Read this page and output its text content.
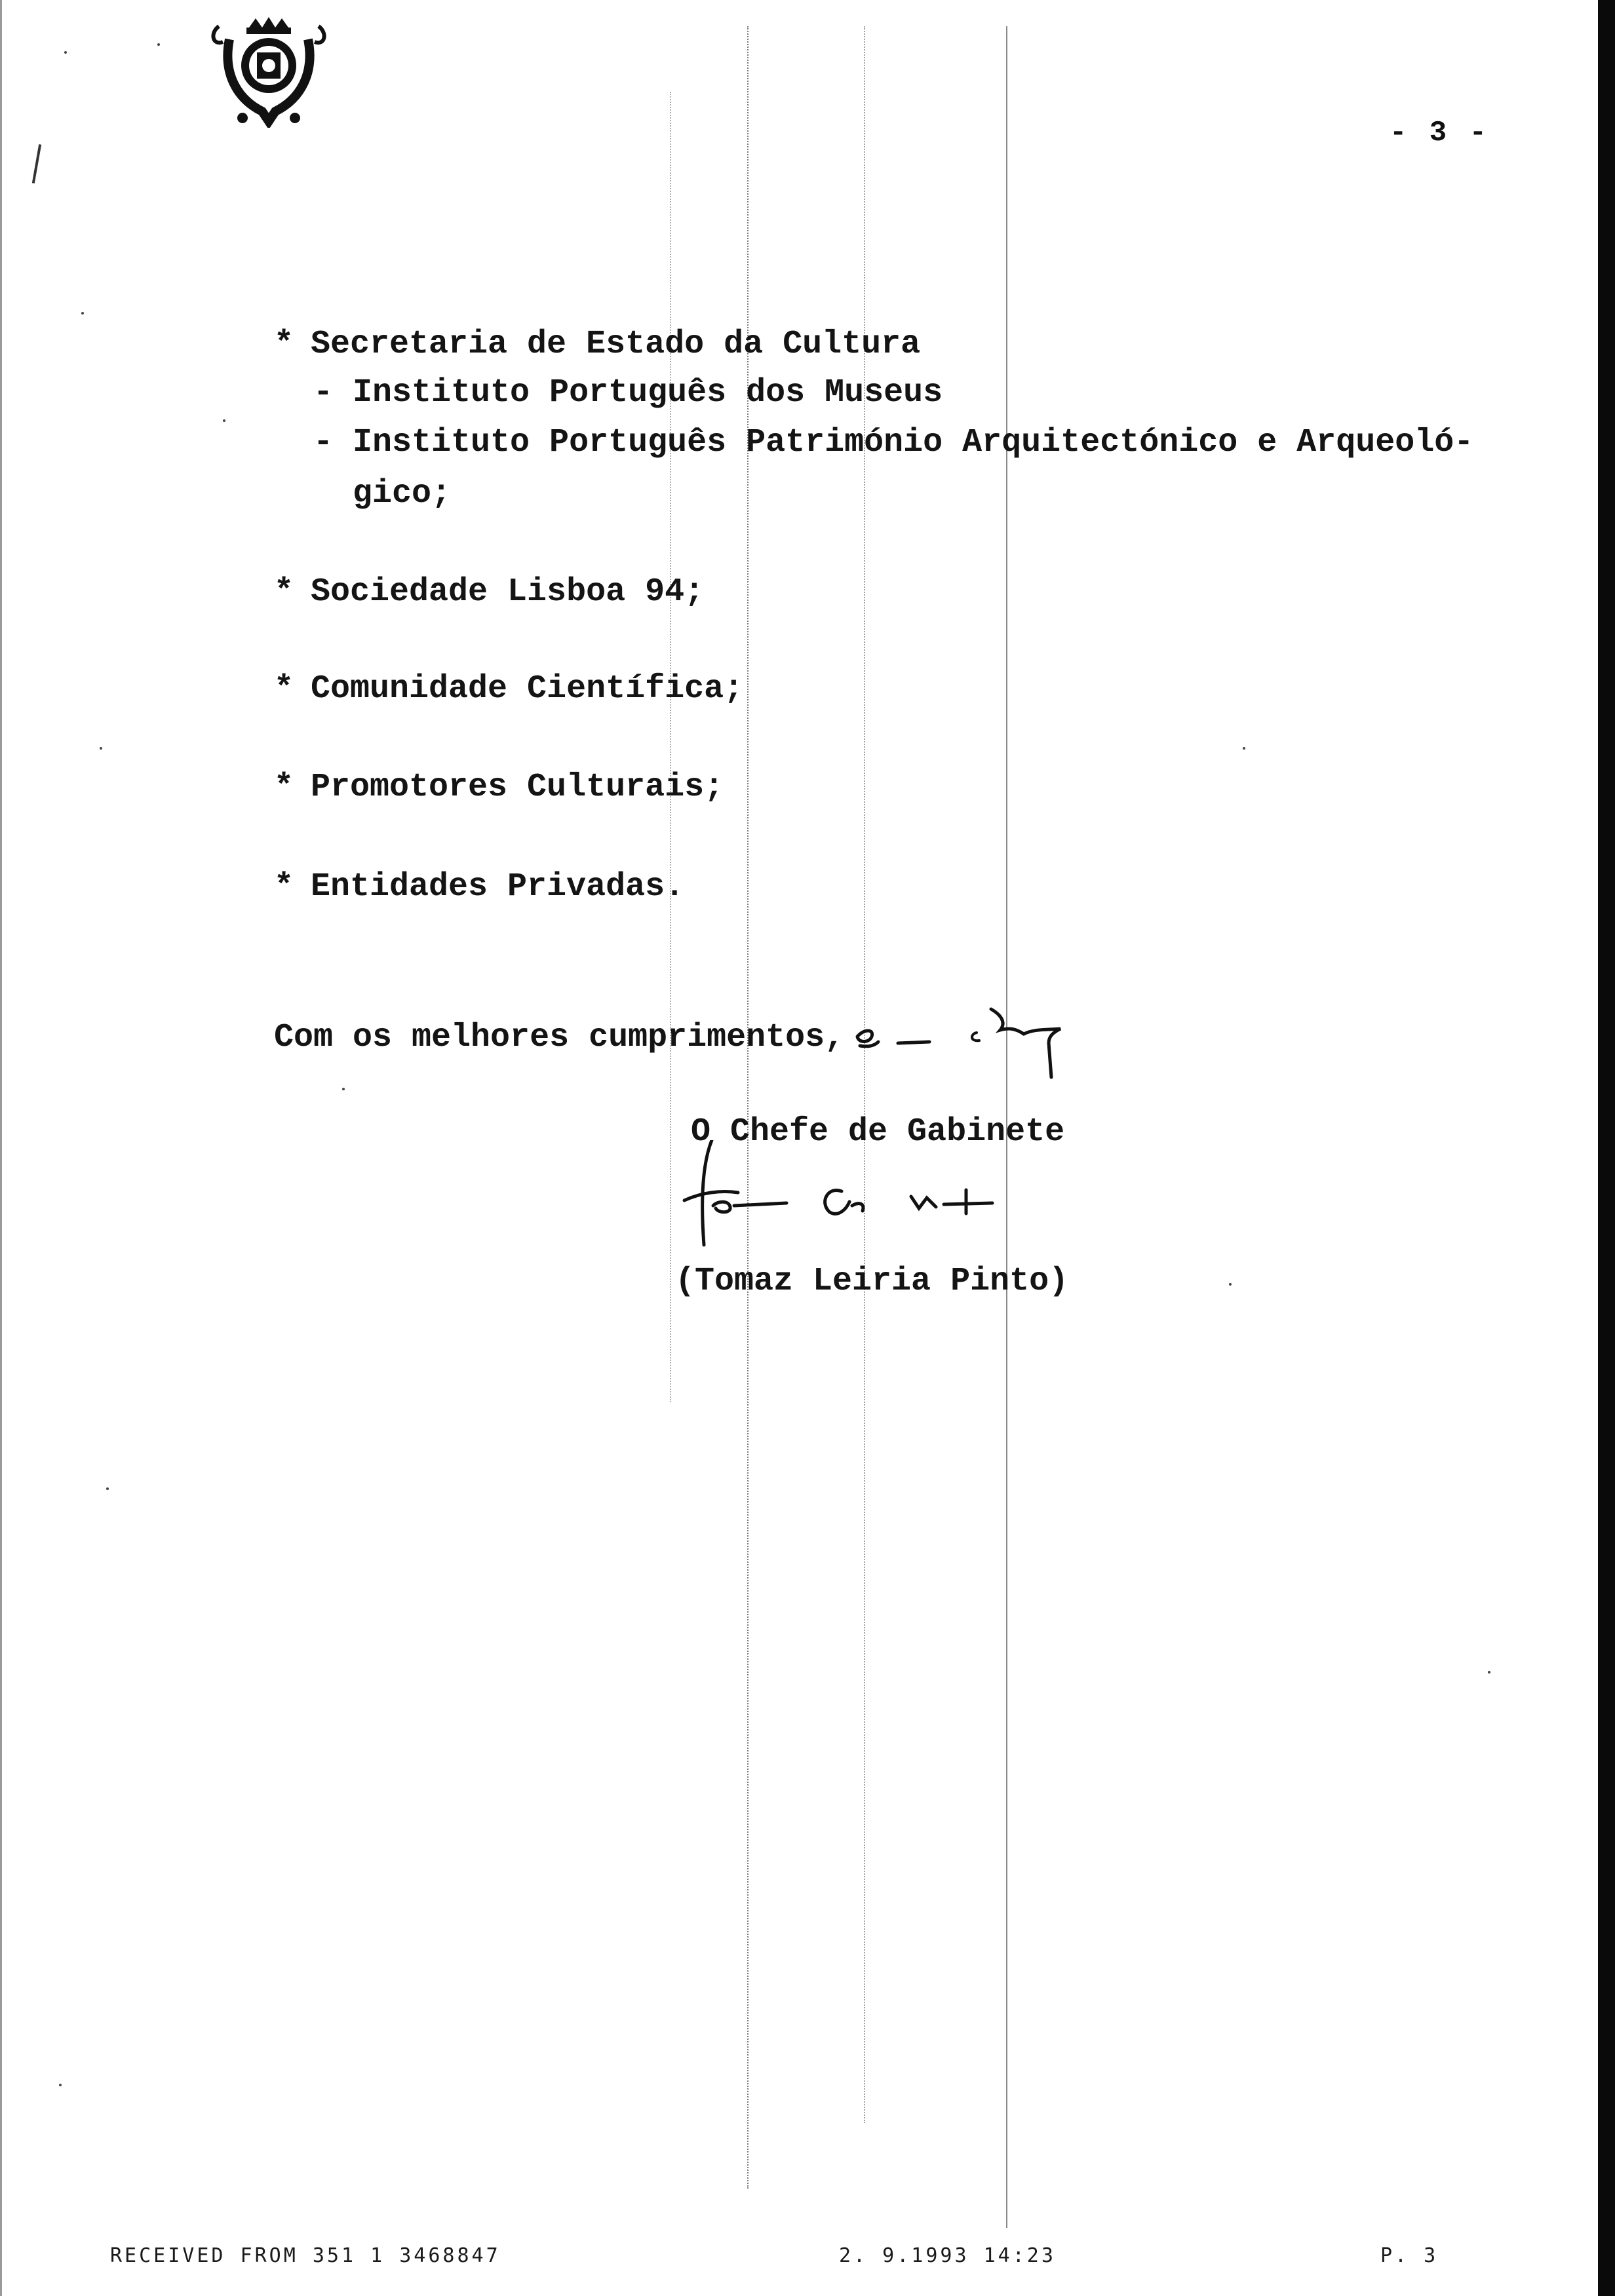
- 3 -
* Secretaria de Estado da Cultura
- Instituto Português dos Museus
- Instituto Português Património Arquitectónico e Arqueoló-
gico;
* Sociedade Lisboa 94;
* Comunidade Científica;
* Promotores Culturais;
* Entidades Privadas.
Com os melhores cumprimentos,
O Chefe de Gabinete
(Tomaz Leiria Pinto)
RECEIVED FROM 351 1 3468847	2. 9.1993 14:23	P. 3
